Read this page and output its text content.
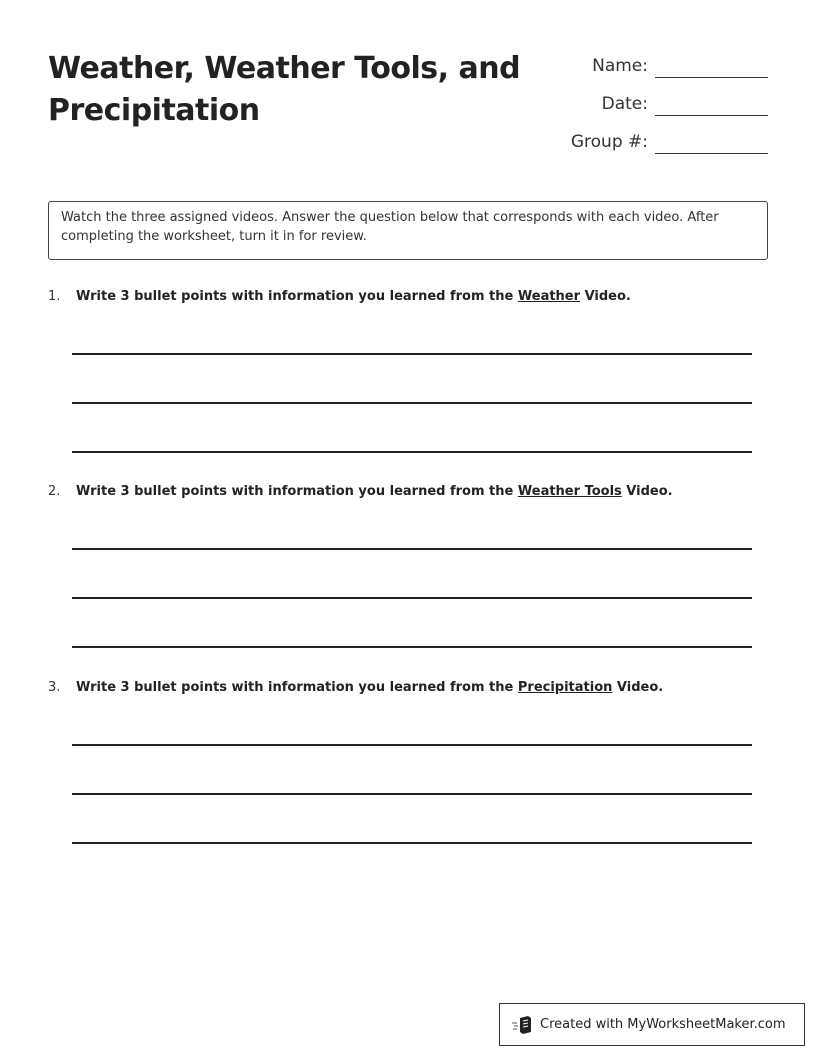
Weather, Weather Tools, and Precipitation
Name:
Date:
Group #:
Watch the three assigned videos. Answer the question below that corresponds with each video. After completing the worksheet, turn it in for review.
1. Write 3 bullet points with information you learned from the Weather Video.
2. Write 3 bullet points with information you learned from the Weather Tools Video.
3. Write 3 bullet points with information you learned from the Precipitation Video.
Created with MyWorksheetMaker.com
